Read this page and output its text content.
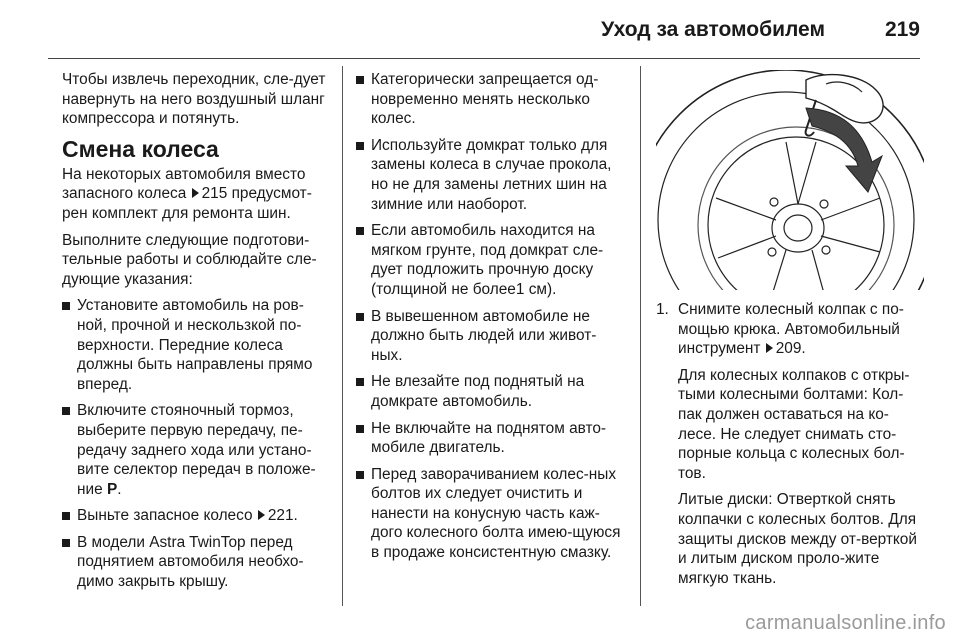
Уход за автомобилем	219

Чтобы извлечь переходник, сле-дует навернуть на него воздушный шланг компрессора и потянуть.

Смена колеса

На некоторых автомобиля вместо запасного колеса 215 предусмот-рен комплект для ремонта шин.

Выполните следующие подготови-тельные работы и соблюдайте сле-дующие указания:

Установите автомобиль на ров-ной, прочной и нескользкой по-верхности. Передние колеса должны быть направлены прямо вперед.
Включите стояночный тормоз, выберите первую передачу, пе-редачу заднего хода или устано-вите селектор передач в положе-ние P.
Выньте запасное колесо 221.
В модели Astra TwinTop перед поднятием автомобиля необхо-димо закрыть крышу.
Категорически запрещается од-новременно менять несколько колес.
Используйте домкрат только для замены колеса в случае прокола, но не для замены летних шин на зимние или наоборот.
Если автомобиль находится на мягком грунте, под домкрат сле-дует подложить прочную доску (толщиной не более1 см).
В вывешенном автомобиле не должно быть людей или живот-ных.
Не влезайте под поднятый на домкрате автомобиль.
Не включайте на поднятом авто-мобиле двигатель.
Перед заворачиванием колес-ных болтов их следует очистить и нанести на конусную часть каж-дого колесного болта имею-щуюся в продаже консистентную смазку.
1. Снимите колесный колпак с по-мощью крюка. Автомобильный инструмент 209.

Для колесных колпаков с откры-тыми колесными болтами: Кол-пак должен оставаться на ко-лесе. Не следует снимать сто-порные кольца с колесных бол-тов.

Литые диски: Отверткой снять колпачки с колесных болтов. Для защиты дисков между от-верткой и литым диском проло-жите мягкую ткань.

carmanualsonline.info
